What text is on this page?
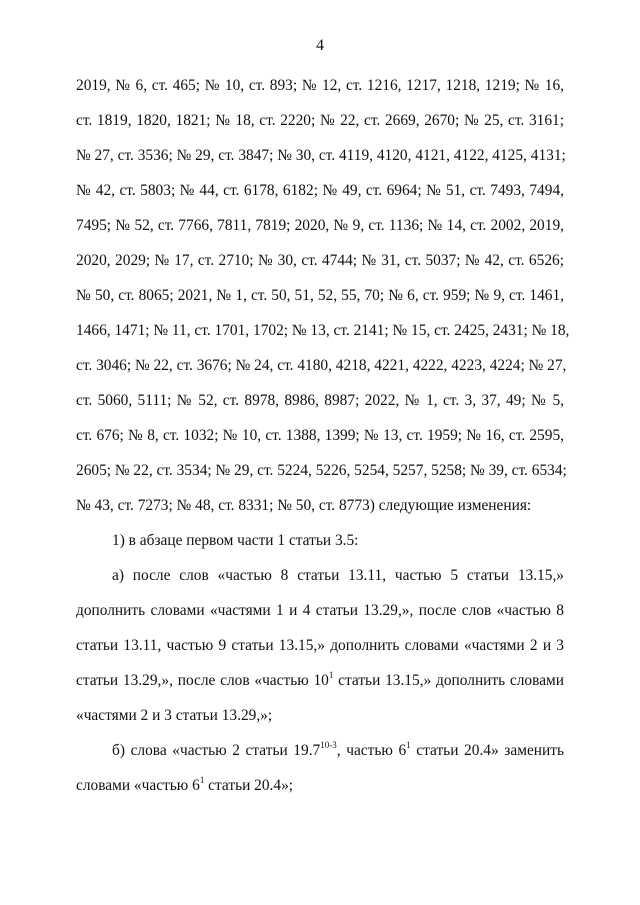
4
2019, № 6, ст. 465; № 10, ст. 893; № 12, ст. 1216, 1217, 1218, 1219; № 16,
ст. 1819, 1820, 1821; № 18, ст. 2220; № 22, ст. 2669, 2670; № 25, ст. 3161;
№ 27, ст. 3536; № 29, ст. 3847; № 30, ст. 4119, 4120, 4121, 4122, 4125, 4131;
№ 42, ст. 5803; № 44, ст. 6178, 6182; № 49, ст. 6964; № 51, ст. 7493, 7494,
7495; № 52, ст. 7766, 7811, 7819; 2020, № 9, ст. 1136; № 14, ст. 2002, 2019,
2020, 2029; № 17, ст. 2710; № 30, ст. 4744; № 31, ст. 5037; № 42, ст. 6526;
№ 50, ст. 8065; 2021, № 1, ст. 50, 51, 52, 55, 70; № 6, ст. 959; № 9, ст. 1461,
1466, 1471; № 11, ст. 1701, 1702; № 13, ст. 2141; № 15, ст. 2425, 2431; № 18,
ст. 3046; № 22, ст. 3676; № 24, ст. 4180, 4218, 4221, 4222, 4223, 4224; № 27,
ст. 5060, 5111; № 52, ст. 8978, 8986, 8987; 2022, № 1, ст. 3, 37, 49; № 5,
ст. 676; № 8, ст. 1032; № 10, ст. 1388, 1399; № 13, ст. 1959; № 16, ст. 2595,
2605; № 22, ст. 3534; № 29, ст. 5224, 5226, 5254, 5257, 5258; № 39, ст. 6534;
№ 43, ст. 7273; № 48, ст. 8331; № 50, ст. 8773) следующие изменения:
1) в абзаце первом части 1 статьи 3.5:
а) после слов «частью 8 статьи 13.11, частью 5 статьи 13.15,»
дополнить словами «частями 1 и 4 статьи 13.29,», после слов «частью 8
статьи 13.11, частью 9 статьи 13.15,» дополнить словами «частями 2 и 3
статьи 13.29,», после слов «частью $10^1$ статьи 13.15,» дополнить словами
«частями 2 и 3 статьи 13.29,»;
б) слова «частью 2 статьи 19.7$^{10-3}$, частью $6^1$ статьи 20.4» заменить
словами «частью $6^1$ статьи 20.4»;
